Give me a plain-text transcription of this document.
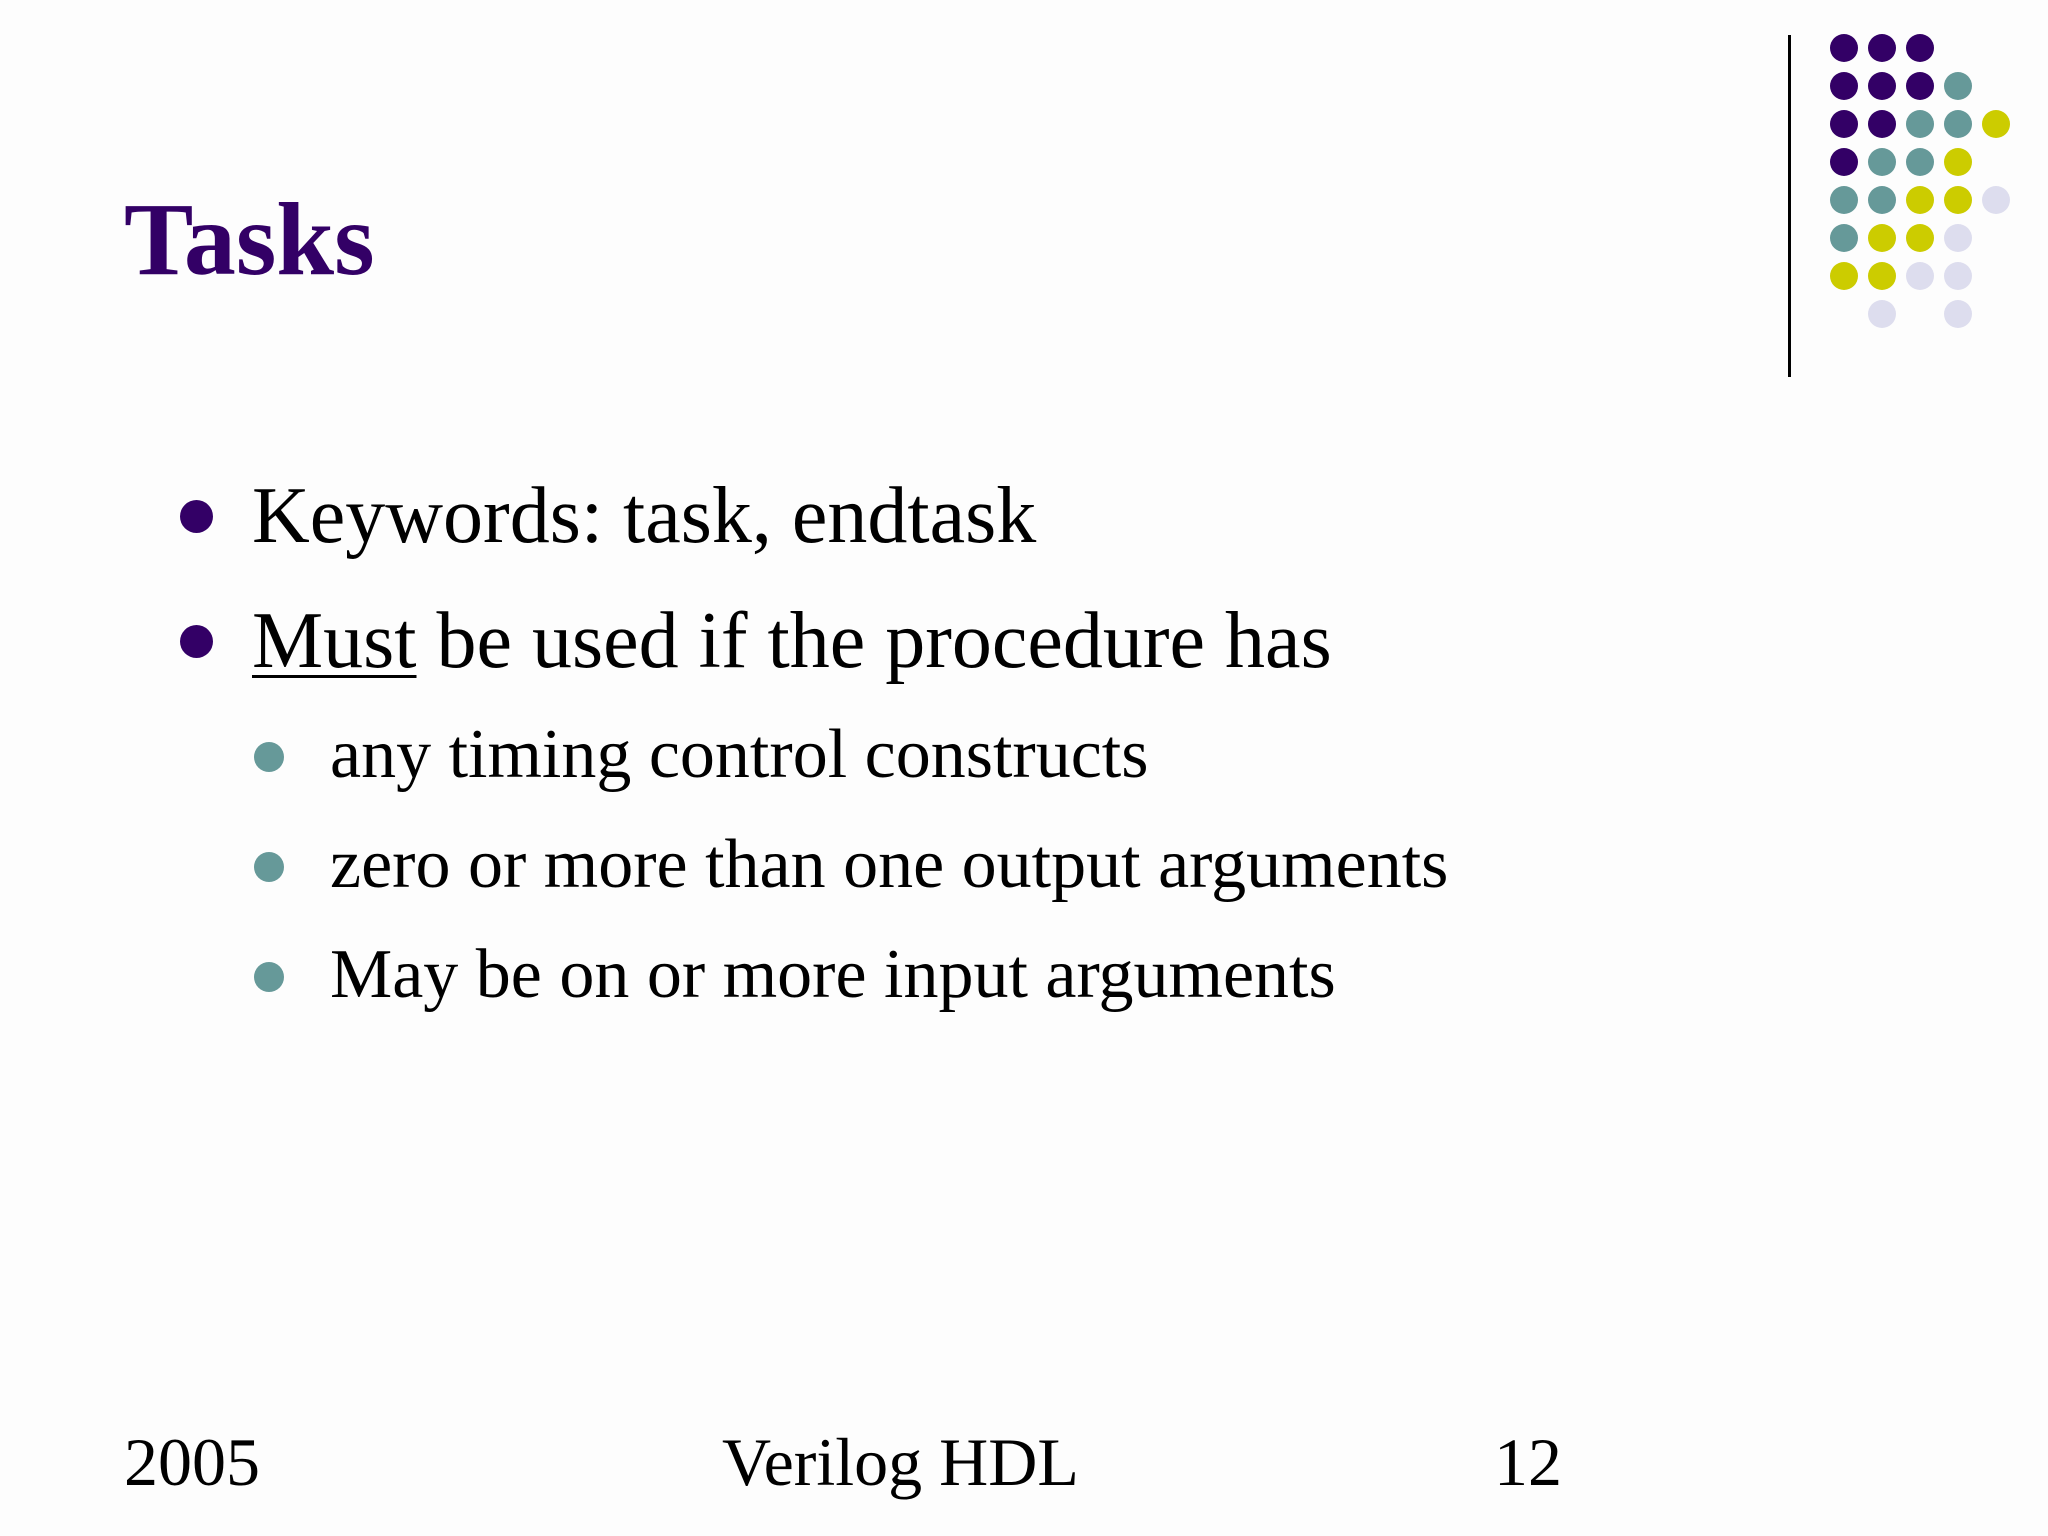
Tasks
Keywords: task, endtask
Must be used if the procedure has
any timing control constructs
zero or more than one output arguments
May be on or more input arguments
2005	Verilog HDL	12
